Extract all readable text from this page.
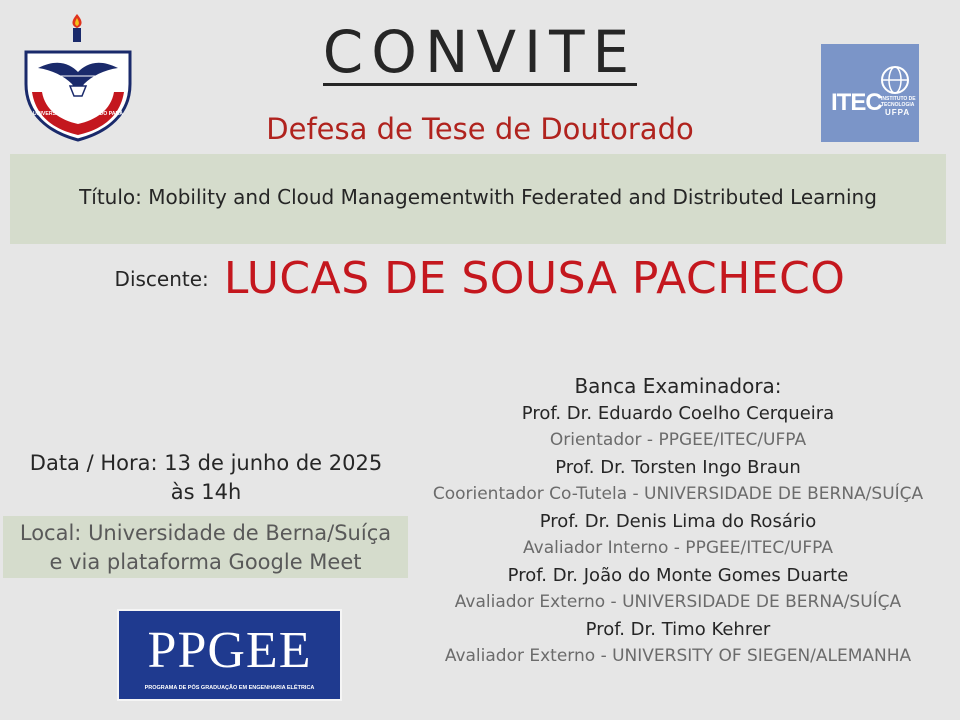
UNIVERSIDADE FEDERAL DO PARÁ
CONVITE
Defesa de Tese de Doutorado
ITEC INSTITUTO DE TECNOLOGIA
UFPA
Título: Mobility and Cloud Managementwith Federated and Distributed Learning
Discente: LUCAS DE SOUSA PACHECO
Data / Hora: 13 de junho de 2025
às 14h
Local: Universidade de Berna/Suíça
e via plataforma Google Meet
PPGEE
PROGRAMA DE PÓS GRADUAÇÃO EM ENGENHARIA ELÉTRICA
Banca Examinadora:
Prof. Dr. Eduardo Coelho Cerqueira
Orientador - PPGEE/ITEC/UFPA
Prof. Dr. Torsten Ingo Braun
Coorientador Co-Tutela - UNIVERSIDADE DE BERNA/SUÍÇA
Prof. Dr. Denis Lima do Rosário
Avaliador Interno - PPGEE/ITEC/UFPA
Prof. Dr. João do Monte Gomes Duarte
Avaliador Externo - UNIVERSIDADE DE BERNA/SUÍÇA
Prof. Dr. Timo Kehrer
Avaliador Externo - UNIVERSITY OF SIEGEN/ALEMANHA
